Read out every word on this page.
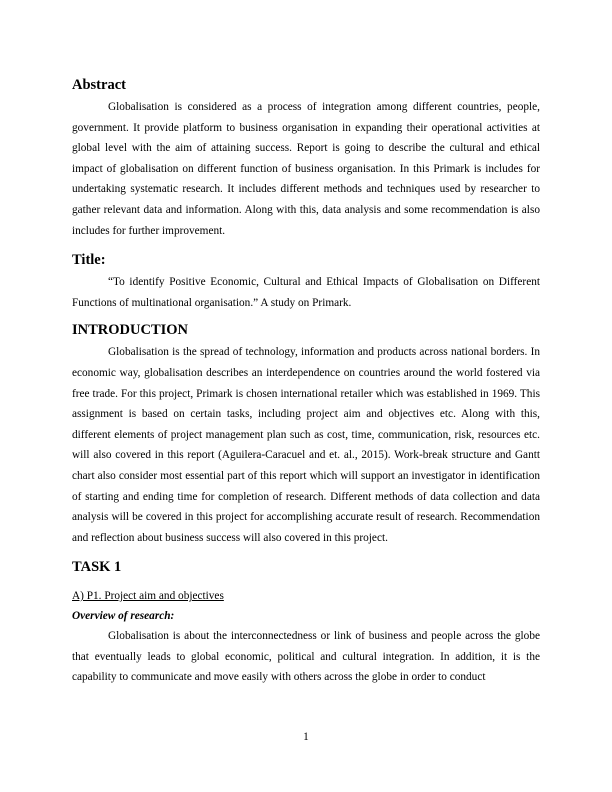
Abstract

Globalisation is considered as a process of integration among different countries, people, government. It provide platform to business organisation in expanding their operational activities at global level with the aim of attaining success. Report is going to describe the cultural and ethical impact of globalisation on different function of business organisation. In this Primark is includes for undertaking systematic research. It includes different methods and techniques used by researcher to gather relevant data and information. Along with this, data analysis and some recommendation is also includes for further improvement.

Title:

“To identify Positive Economic, Cultural and Ethical Impacts of Globalisation on Different Functions of multinational organisation.” A study on Primark.

INTRODUCTION

Globalisation is the spread of technology, information and products across national borders. In economic way, globalisation describes an interdependence on countries around the world fostered via free trade. For this project, Primark is chosen international retailer which was established in 1969. This assignment is based on certain tasks, including project aim and objectives etc. Along with this, different elements of project management plan such as cost, time, communication, risk, resources etc. will also covered in this report (Aguilera-Caracuel and et. al., 2015). Work-break structure and Gantt chart also consider most essential part of this report which will support an investigator in identification of starting and ending time for completion of research. Different methods of data collection and data analysis will be covered in this project for accomplishing accurate result of research. Recommendation and reflection about business success will also covered in this project.

TASK 1

A) P1. Project aim and objectives

Overview of research:

Globalisation is about the interconnectedness or link of business and people across the globe that eventually leads to global economic, political and cultural integration. In addition, it is the capability to communicate and move easily with others across the globe in order to conduct

1
